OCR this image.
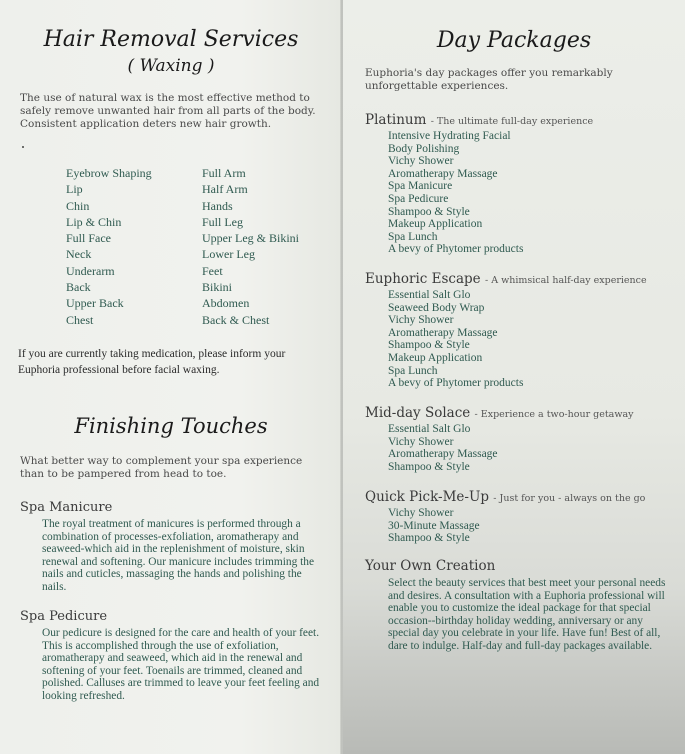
Hair Removal Services
( Waxing )
The use of natural wax is the most effective method to safely remove unwanted hair from all parts of the body. Consistent application deters new hair growth.
Eyebrow Shaping
Lip
Chin
Lip & Chin
Full Face
Neck
Underarm
Back
Upper Back
Chest
Full Arm
Half Arm
Hands
Full Leg
Upper Leg & Bikini
Lower Leg
Feet
Bikini
Abdomen
Back & Chest
If you are currently taking medication, please inform your Euphoria professional before facial waxing.
Finishing Touches
What better way to complement your spa experience than to be pampered from head to toe.
Spa Manicure
The royal treatment of manicures is performed through a combination of processes-exfoliation, aromatherapy and seaweed-which aid in the replenishment of moisture, skin renewal and softening. Our manicure includes trimming the nails and cuticles, massaging the hands and polishing the nails.
Spa Pedicure
Our pedicure is designed for the care and health of your feet. This is accomplished through the use of exfoliation, aromatherapy and seaweed, which aid in the renewal and softening of your feet. Toenails are trimmed, cleaned and polished. Calluses are trimmed to leave your feet feeling and looking refreshed.
Day Packages
Euphoria's day packages offer you remarkably unforgettable experiences.
Platinum - The ultimate full-day experience
Intensive Hydrating Facial
Body Polishing
Vichy Shower
Aromatherapy Massage
Spa Manicure
Spa Pedicure
Shampoo & Style
Makeup Application
Spa Lunch
A bevy of Phytomer products
Euphoric Escape - A whimsical half-day experience
Essential Salt Glo
Seaweed Body Wrap
Vichy Shower
Aromatherapy Massage
Shampoo & Style
Makeup Application
Spa Lunch
A bevy of Phytomer products
Mid-day Solace - Experience a two-hour getaway
Essential Salt Glo
Vichy Shower
Aromatherapy Massage
Shampoo & Style
Quick Pick-Me-Up - Just for you - always on the go
Vichy Shower
30-Minute Massage
Shampoo & Style
Your Own Creation
Select the beauty services that best meet your personal needs and desires. A consultation with a Euphoria professional will enable you to customize the ideal package for that special occasion--birthday holiday wedding, anniversary or any special day you celebrate in your life. Have fun! Best of all, dare to indulge. Half-day and full-day packages available.
